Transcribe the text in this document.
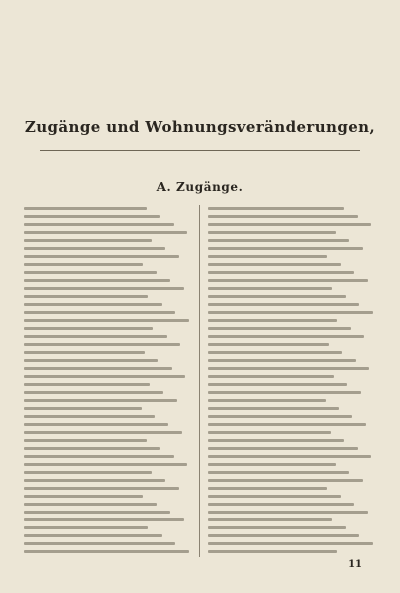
Zugänge und Wohnungsveränderungen,
A. Zugänge.
11
